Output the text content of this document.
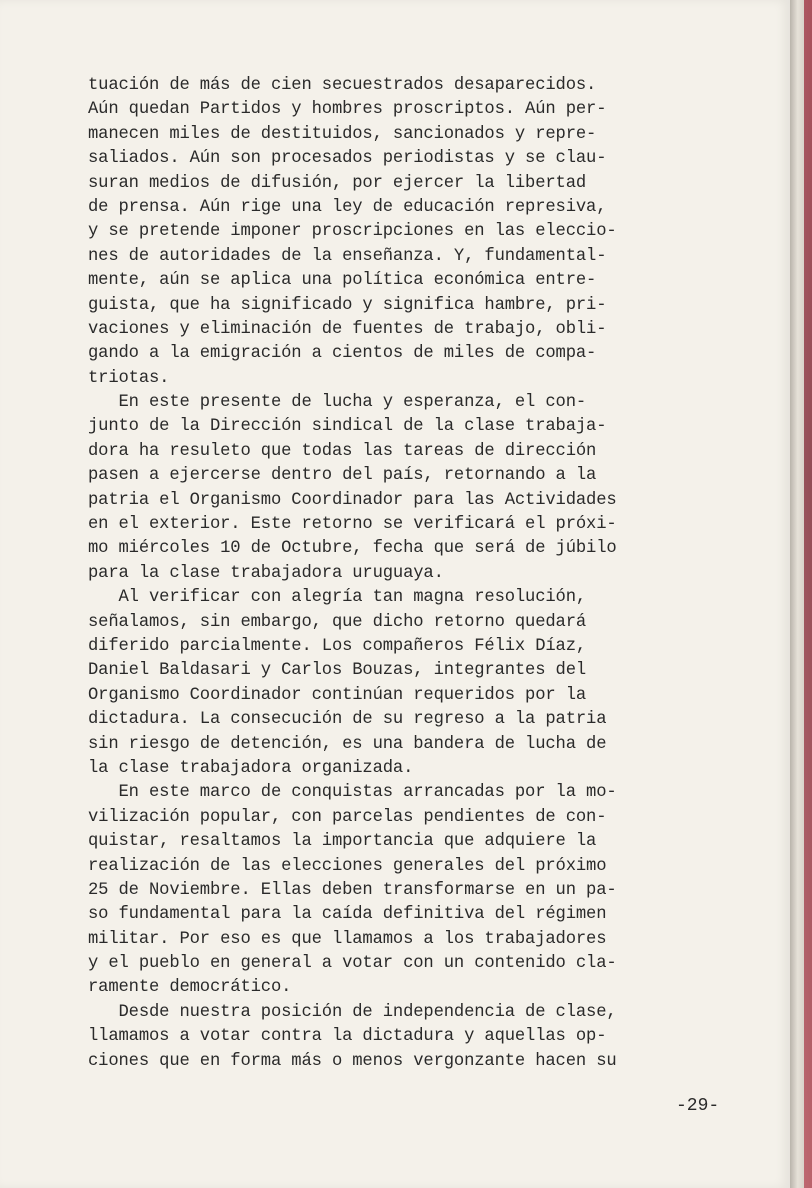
tuación de más de cien secuestrados desaparecidos.
Aún quedan Partidos y hombres proscriptos. Aún per-
manecen miles de destituidos, sancionados y repre-
saliados. Aún son procesados periodistas y se clau-
suran medios de difusión, por ejercer la libertad
de prensa. Aún rige una ley de educación represiva,
y se pretende imponer proscripciones en las eleccio-
nes de autoridades de la enseñanza. Y, fundamental-
mente, aún se aplica una política económica entre-
guista, que ha significado y significa hambre, pri-
vaciones y eliminación de fuentes de trabajo, obli-
gando a la emigración a cientos de miles de compa-
triotas.
En este presente de lucha y esperanza, el con-
junto de la Dirección sindical de la clase trabaja-
dora ha resuleto que todas las tareas de dirección
pasen a ejercerse dentro del país, retornando a la
patria el Organismo Coordinador para las Actividades
en el exterior. Este retorno se verificará el próxi-
mo miércoles 10 de Octubre, fecha que será de júbilo
para la clase trabajadora uruguaya.
Al verificar con alegría tan magna resolución,
señalamos, sin embargo, que dicho retorno quedará
diferido parcialmente. Los compañeros Félix Díaz,
Daniel Baldasari y Carlos Bouzas, integrantes del
Organismo Coordinador continúan requeridos por la
dictadura. La consecución de su regreso a la patria
sin riesgo de detención, es una bandera de lucha de
la clase trabajadora organizada.
En este marco de conquistas arrancadas por la mo-
vilización popular, con parcelas pendientes de con-
quistar, resaltamos la importancia que adquiere la
realización de las elecciones generales del próximo
25 de Noviembre. Ellas deben transformarse en un pa-
so fundamental para la caída definitiva del régimen
militar. Por eso es que llamamos a los trabajadores
y el pueblo en general a votar con un contenido cla-
ramente democrático.
Desde nuestra posición de independencia de clase,
llamamos a votar contra la dictadura y aquellas op-
ciones que en forma más o menos vergonzante hacen su
-29-
